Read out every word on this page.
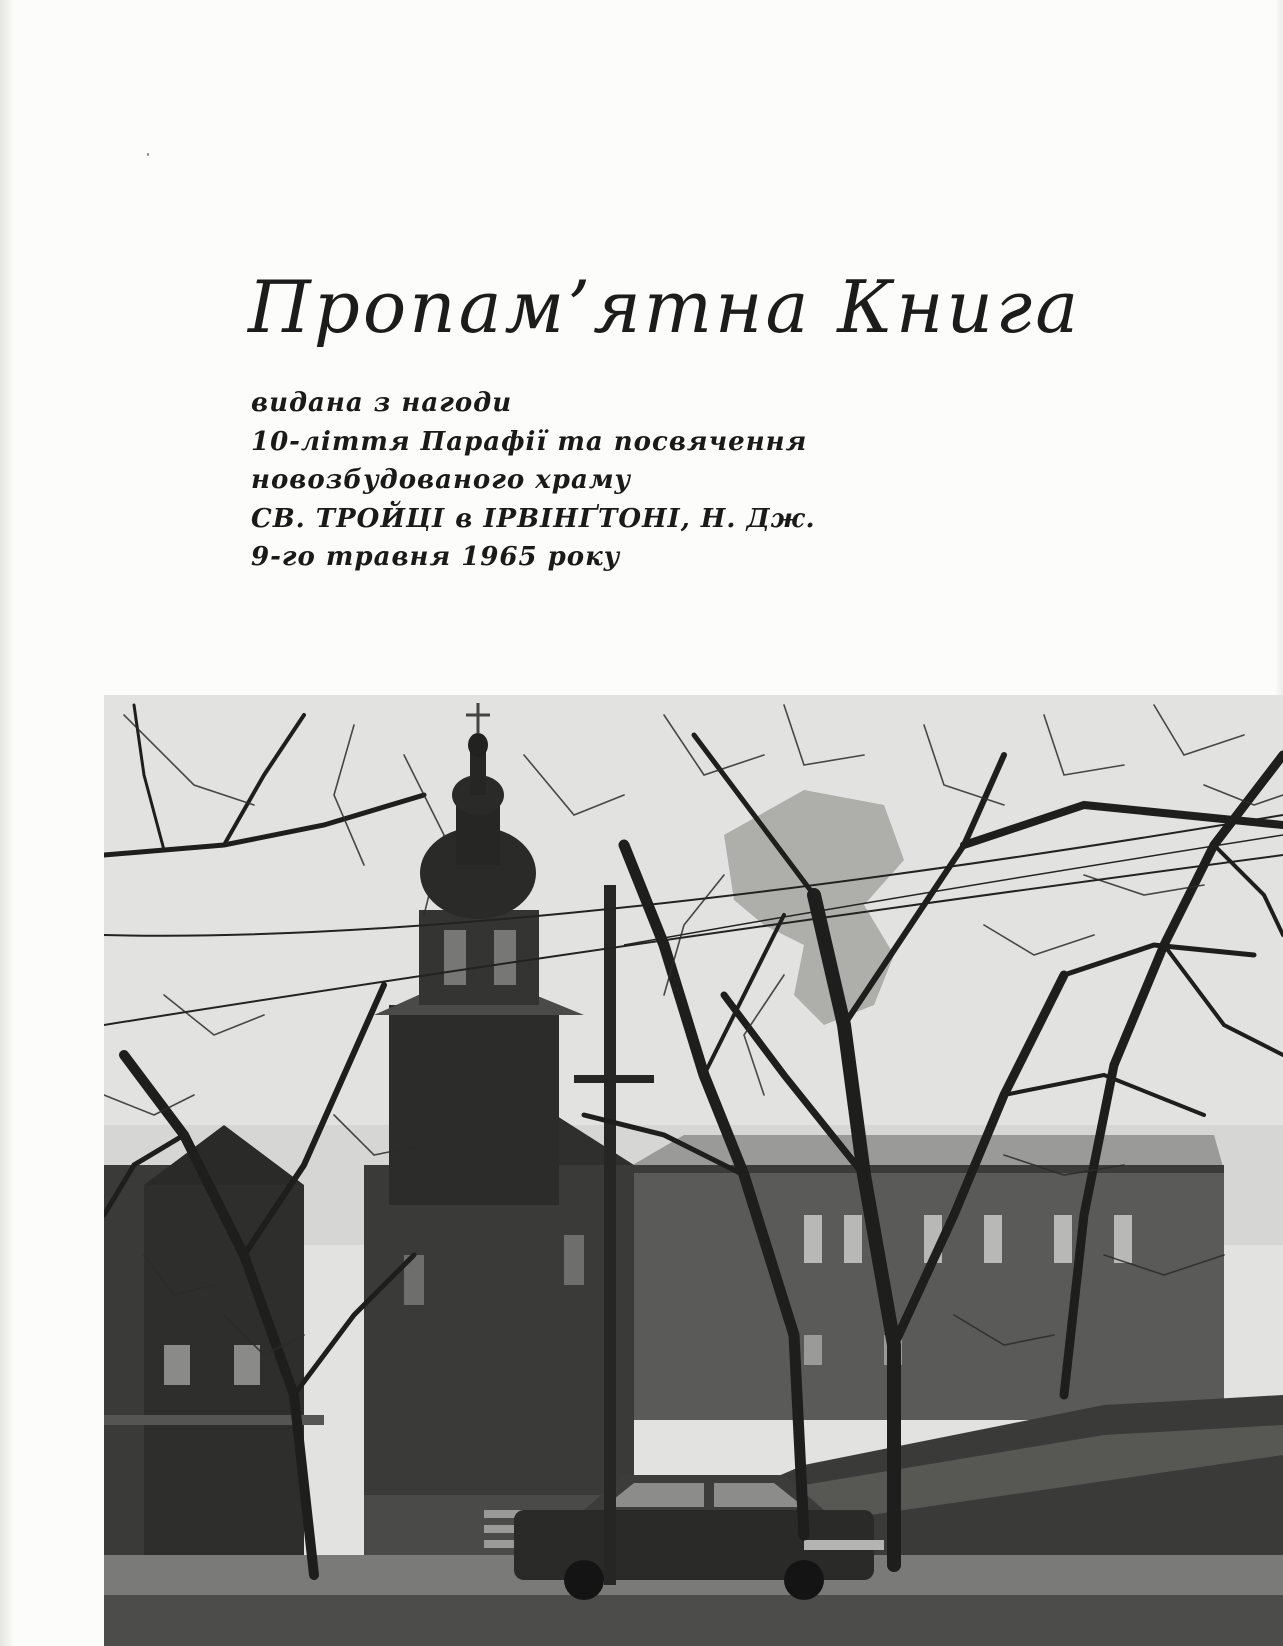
Пропам’ятна Книга
видана з нагоди
10-ліття Парафії та посвячення
новозбудованого храму
СВ. ТРОЙЦІ в ІРВІНҐТОНІ, Н. Дж.
9-го травня 1965 року
